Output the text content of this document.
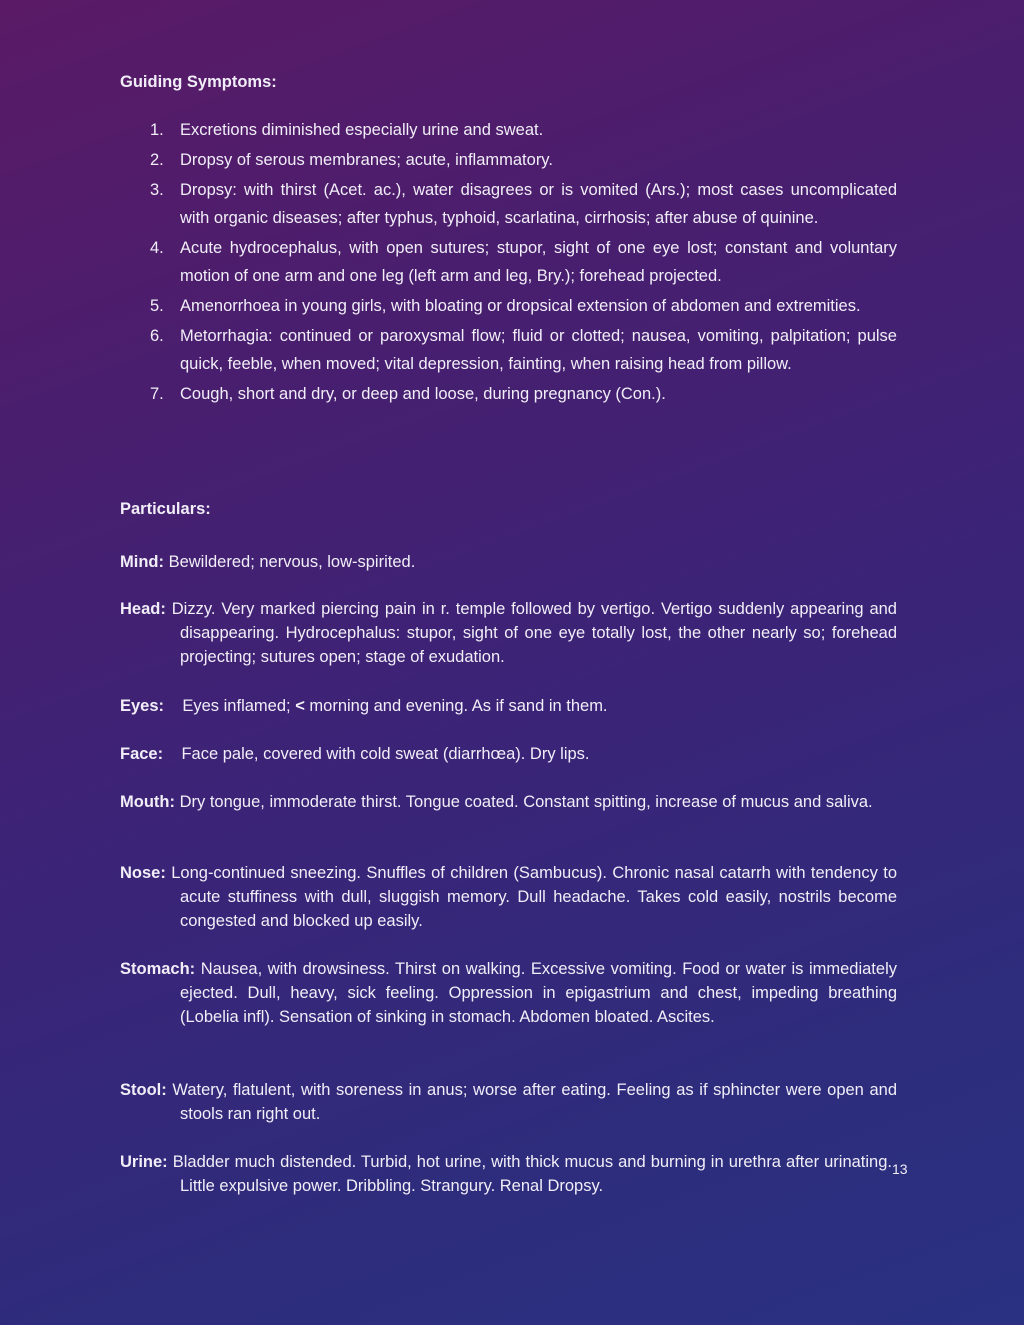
Guiding Symptoms:
1. Excretions diminished especially urine and sweat.
2. Dropsy of serous membranes; acute, inflammatory.
3. Dropsy: with thirst (Acet. ac.), water disagrees or is vomited (Ars.); most cases uncomplicated with organic diseases; after typhus, typhoid, scarlatina, cirrhosis; after abuse of quinine.
4. Acute hydrocephalus, with open sutures; stupor, sight of one eye lost; constant and voluntary motion of one arm and one leg (left arm and leg, Bry.); forehead projected.
5. Amenorrhoea in young girls, with bloating or dropsical extension of abdomen and extremities.
6. Metorrhagia: continued or paroxysmal flow; fluid or clotted; nausea, vomiting, palpitation; pulse quick, feeble, when moved; vital depression, fainting, when raising head from pillow.
7. Cough, short and dry, or deep and loose, during pregnancy (Con.).
Particulars:
Mind: Bewildered; nervous, low-spirited.
Head: Dizzy. Very marked piercing pain in r. temple followed by vertigo. Vertigo suddenly appearing and disappearing. Hydrocephalus: stupor, sight of one eye totally lost, the other nearly so; forehead projecting; sutures open; stage of exudation.
Eyes: Eyes inflamed; < morning and evening. As if sand in them.
Face: Face pale, covered with cold sweat (diarrhœa). Dry lips.
Mouth: Dry tongue, immoderate thirst. Tongue coated. Constant spitting, increase of mucus and saliva.
Nose: Long-continued sneezing. Snuffles of children (Sambucus). Chronic nasal catarrh with tendency to acute stuffiness with dull, sluggish memory. Dull headache. Takes cold easily, nostrils become congested and blocked up easily.
Stomach: Nausea, with drowsiness. Thirst on walking. Excessive vomiting. Food or water is immediately ejected. Dull, heavy, sick feeling. Oppression in epigastrium and chest, impeding breathing (Lobelia infl). Sensation of sinking in stomach. Abdomen bloated. Ascites.
Stool: Watery, flatulent, with soreness in anus; worse after eating. Feeling as if sphincter were open and stools ran right out.
Urine: Bladder much distended. Turbid, hot urine, with thick mucus and burning in urethra after urinating. Little expulsive power. Dribbling. Strangury. Renal Dropsy.
13
